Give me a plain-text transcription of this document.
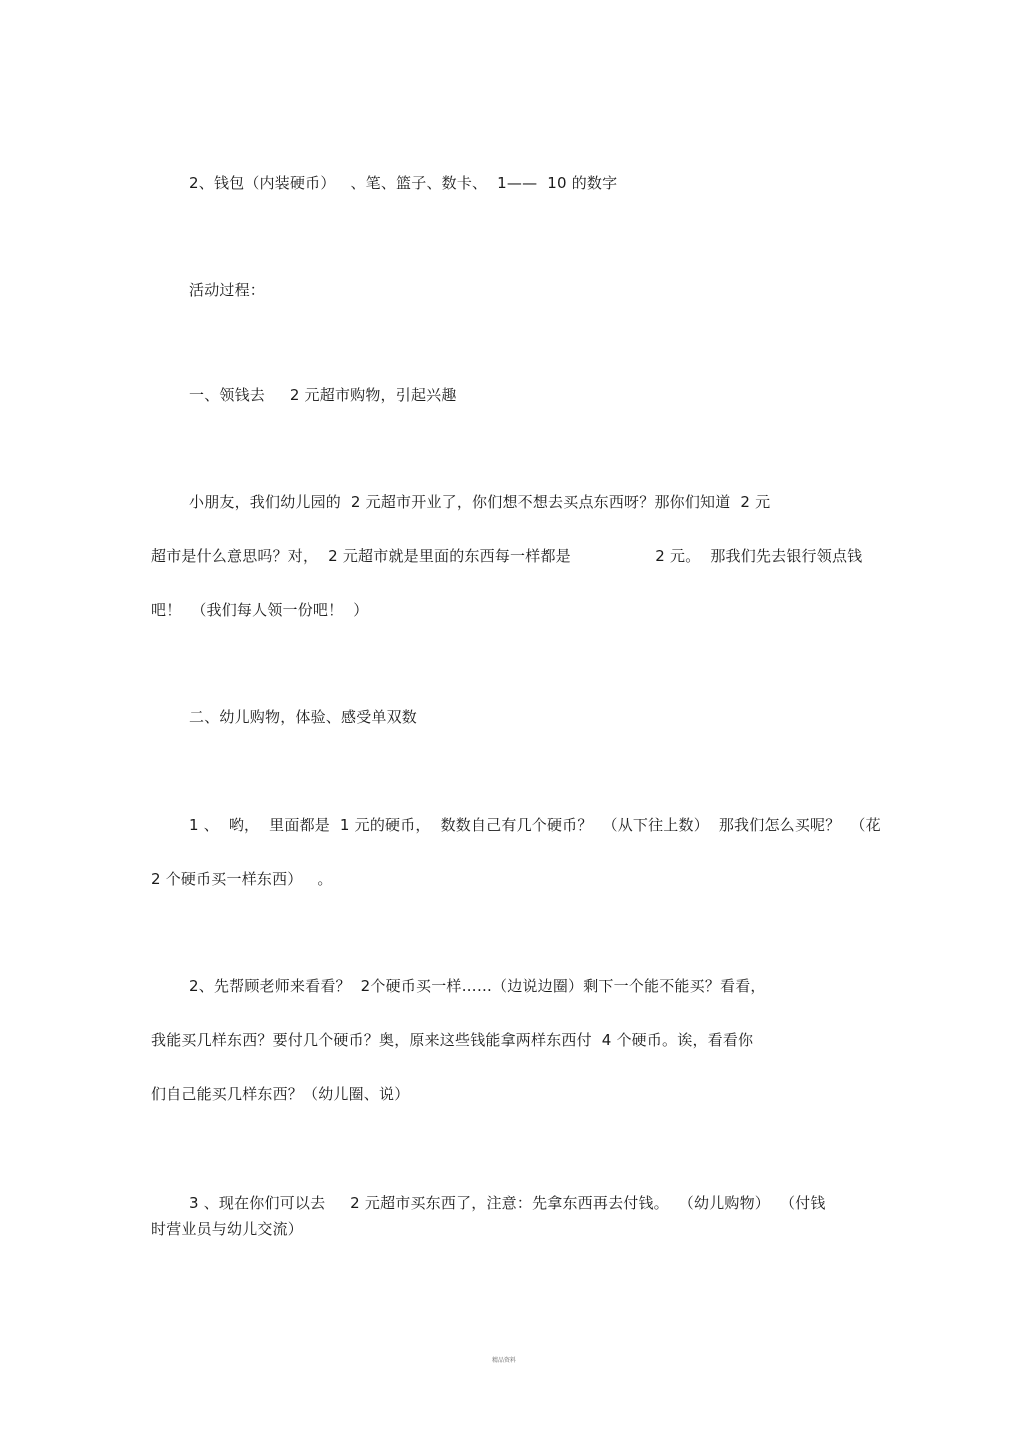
2、钱包（内装硬币）   、笔、篮子、数卡、  1——  10 的数字
活动过程：
一、领钱去     2 元超市购物，引起兴趣
小朋友，我们幼儿园的  2 元超市开业了，你们想不想去买点东西呀？那你们知道  2 元
超市是什么意思吗？对，  2 元超市就是里面的东西每一样都是                 2 元。  那我们先去银行领点钱
吧！  （我们每人领一份吧！  ）
二、幼儿购物，体验、感受单双数
1 、  哟，  里面都是  1 元的硬币，  数数自己有几个硬币？  （从下往上数）  那我们怎么买呢？  （花
2 个硬币买一样东西）   。
2、先帮顾老师来看看？  2个硬币买一样……（边说边圈）剩下一个能不能买？看看，
我能买几样东西？要付几个硬币？奥，原来这些钱能拿两样东西付  4 个硬币。诶，看看你
们自己能买几样东西？（幼儿圈、说）
3 、现在你们可以去     2 元超市买东西了，注意：先拿东西再去付钱。  （幼儿购物）  （付钱
时营业员与幼儿交流）
精品资料
